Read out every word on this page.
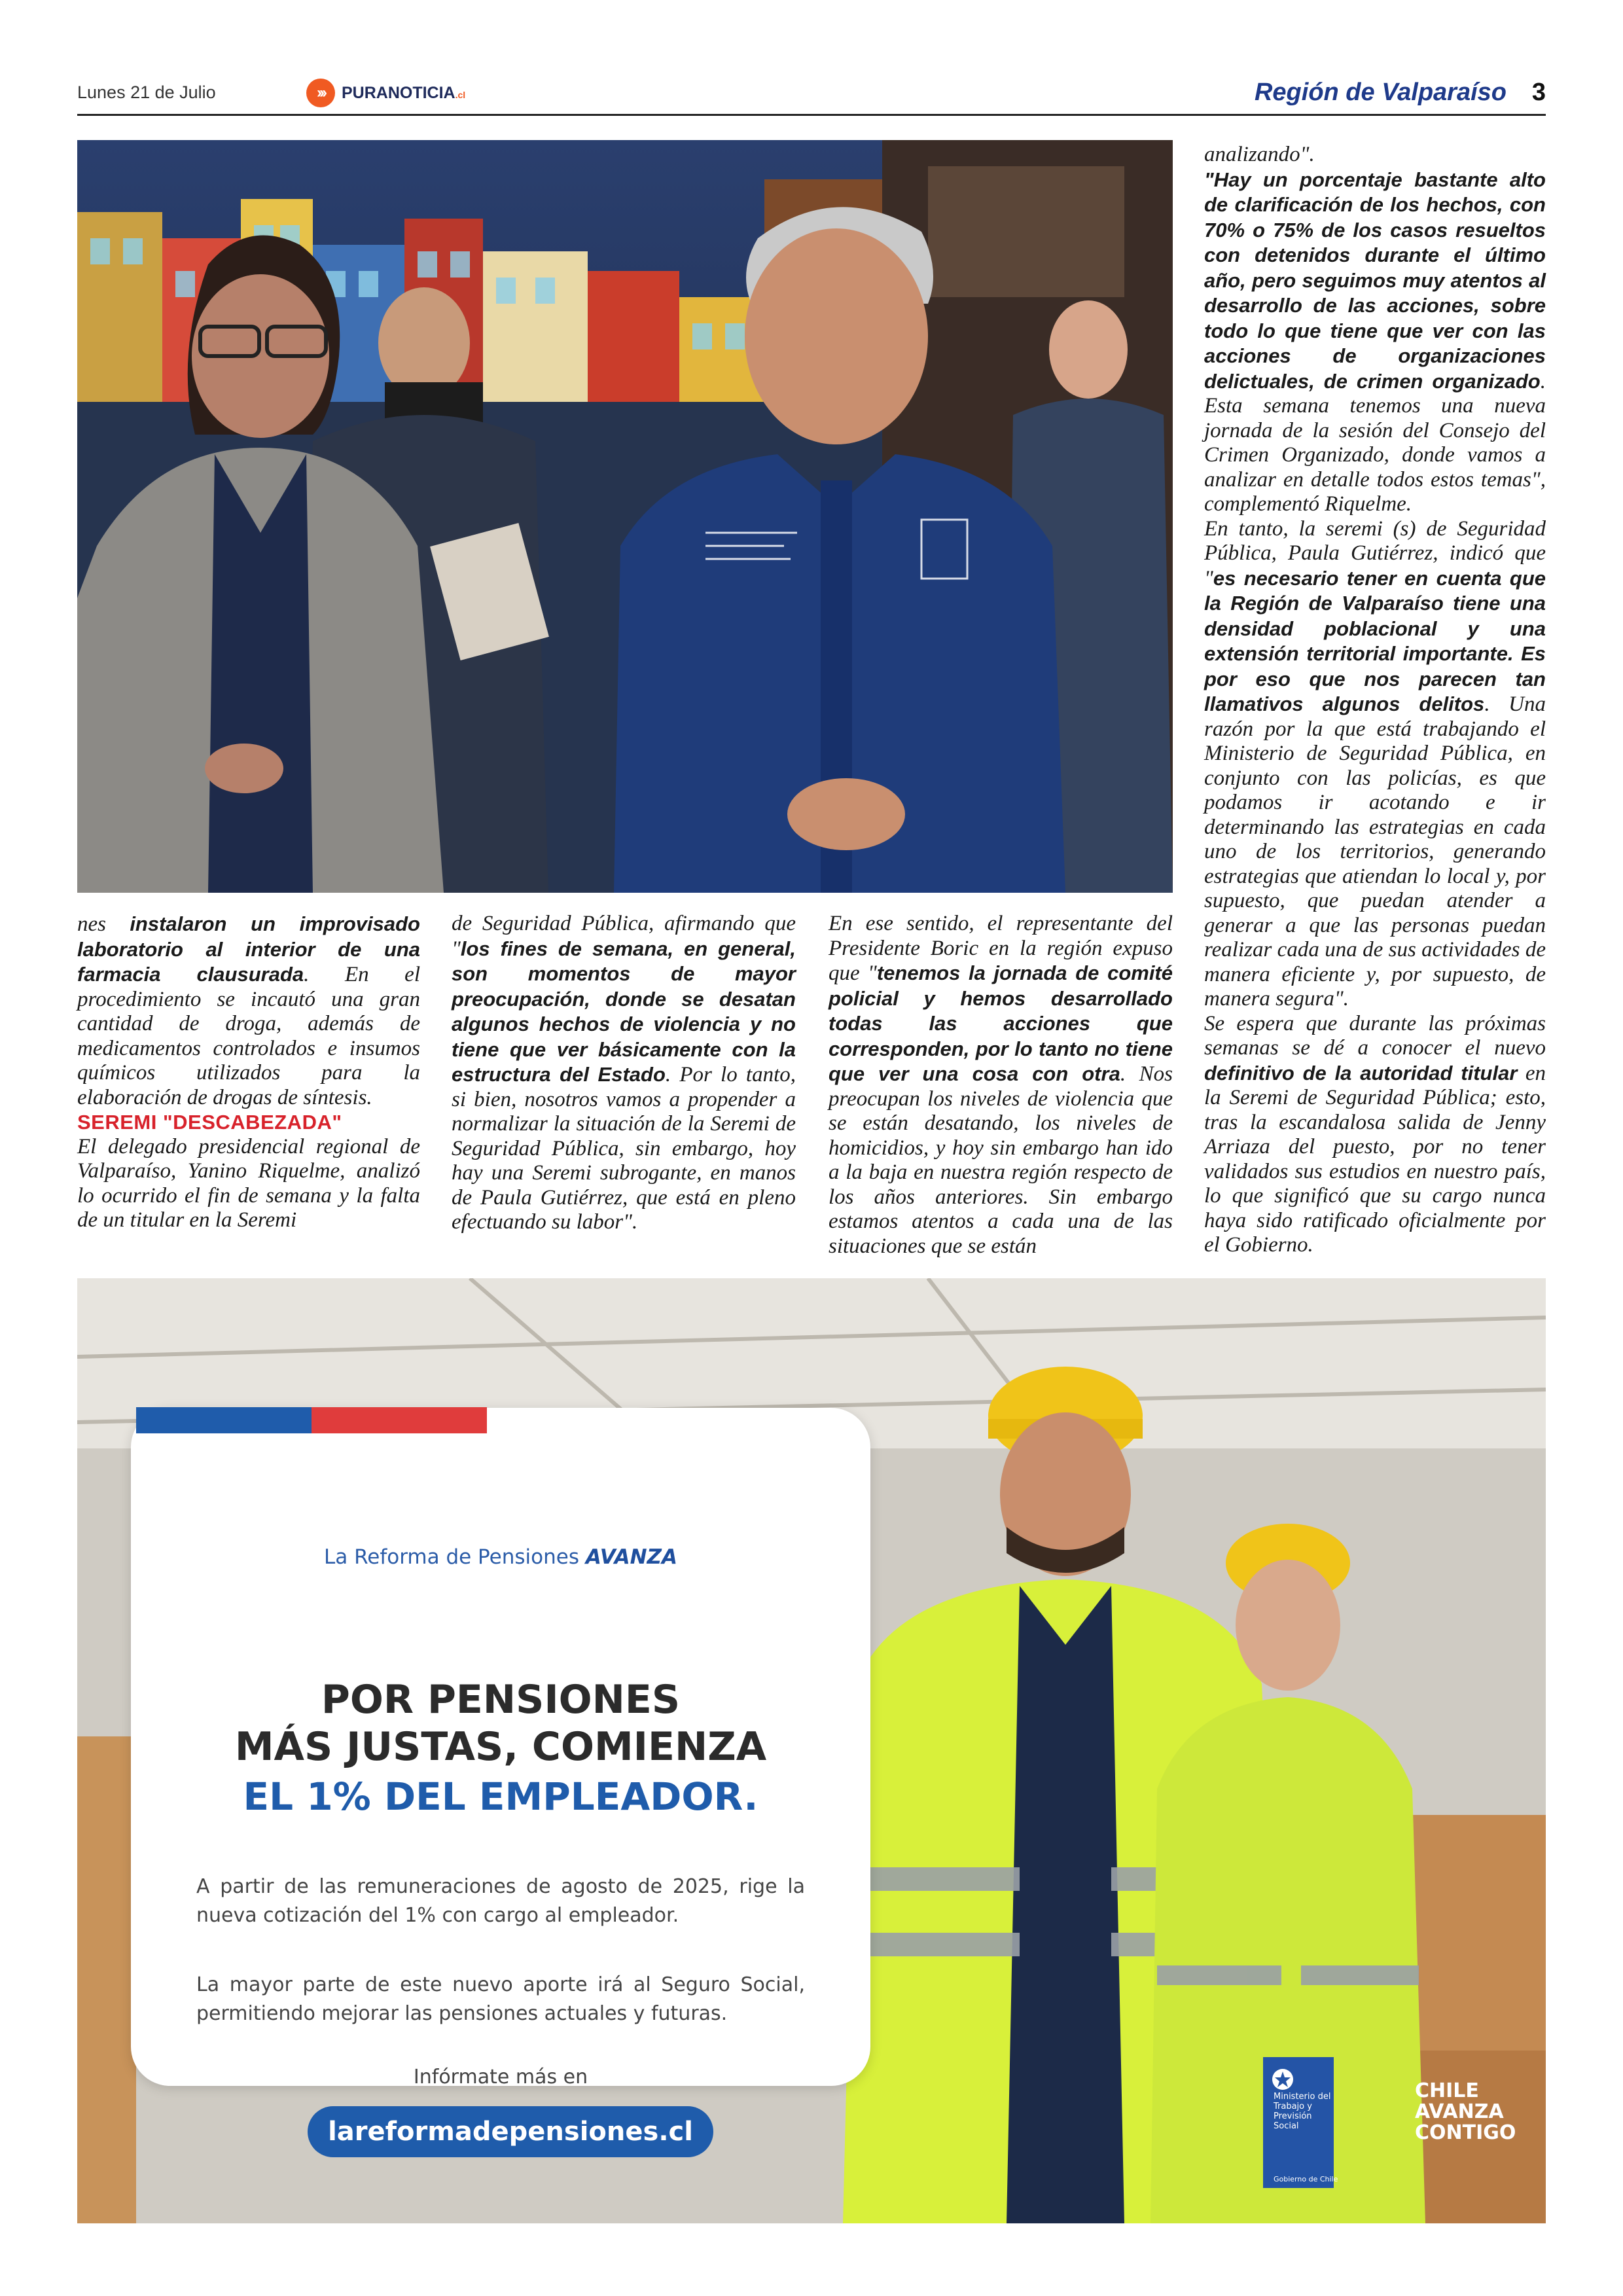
Lunes 21 de Julio	›››	PURANOTICIA.cl	Región de Valparaíso 3

nes instalaron un improvisado laboratorio al interior de una farmacia clausurada. En el procedimiento se incautó una gran cantidad de droga, además de medicamentos controlados e insumos químicos utilizados para la elaboración de drogas de síntesis.

SEREMI "DESCABEZADA"

El delegado presidencial regional de Valparaíso, Yanino Riquelme, analizó lo ocurrido el fin de semana y la falta de un titular en la Seremi

de Seguridad Pública, afirmando que "los fines de semana, en general, son momentos de mayor preocupación, donde se desatan algunos hechos de violencia y no tiene que ver básicamente con la estructura del Estado. Por lo tanto, si bien, nosotros vamos a propender a normalizar la situación de la Seremi de Seguridad Pública, sin embargo, hoy hay una Seremi subrogante, en manos de Paula Gutiérrez, que está en pleno efectuando su labor".

En ese sentido, el representante del Presidente Boric en la región expuso que "tenemos la jornada de comité policial y hemos desarrollado todas las acciones que corresponden, por lo tanto no tiene que ver una cosa con otra. Nos preocupan los niveles de violencia que se están desatando, los niveles de homicidios, y hoy sin embargo han ido a la baja en nuestra región respecto de los años anteriores. Sin embargo estamos atentos a cada una de las situaciones que se están

analizando".

"Hay un porcentaje bastante alto de clarificación de los hechos, con 70% o 75% de los casos resueltos con detenidos durante el último año, pero seguimos muy atentos al desarrollo de las acciones, sobre todo lo que tiene que ver con las acciones de organizaciones delictuales, de crimen organizado. Esta semana tenemos una nueva jornada de la sesión del Consejo del Crimen Organizado, donde vamos a analizar en detalle todos estos temas", complementó Riquelme.

En tanto, la seremi (s) de Seguridad Pública, Paula Gutiérrez, indicó que "es necesario tener en cuenta que la Región de Valparaíso tiene una densidad poblacional y una extensión territorial importante. Es por eso que nos parecen tan llamativos algunos delitos. Una razón por la que está trabajando el Ministerio de Seguridad Pública, en conjunto con las policías, es que podamos ir acotando e ir determinando las estrategias en cada uno de los territorios, generando estrategias que atiendan lo local y, por supuesto, que puedan atender a generar a que las personas puedan realizar cada una de sus actividades de manera eficiente y, por supuesto, de manera segura".

Se espera que durante las próximas semanas se dé a conocer el nuevo definitivo de la autoridad titular en la Seremi de Seguridad Pública; esto, tras la escandalosa salida de Jenny Arriaza del puesto, por no tener validados sus estudios en nuestro país, lo que significó que su cargo nunca haya sido ratificado oficialmente por el Gobierno.

La Reforma de Pensiones AVANZA
POR PENSIONES
MÁS JUSTAS, COMIENZA
EL 1% DEL EMPLEADOR.
A partir de las remuneraciones de agosto de 2025, rige la nueva cotización del 1% con cargo al empleador.
La mayor parte de este nuevo aporte irá al Seguro Social, permitiendo mejorar las pensiones actuales y futuras.
Infórmate más en
lareformadepensiones.cl
Ministerio del Trabajo y Previsión Social
Gobierno de Chile
CHILE
AVANZA
CONTIGO
